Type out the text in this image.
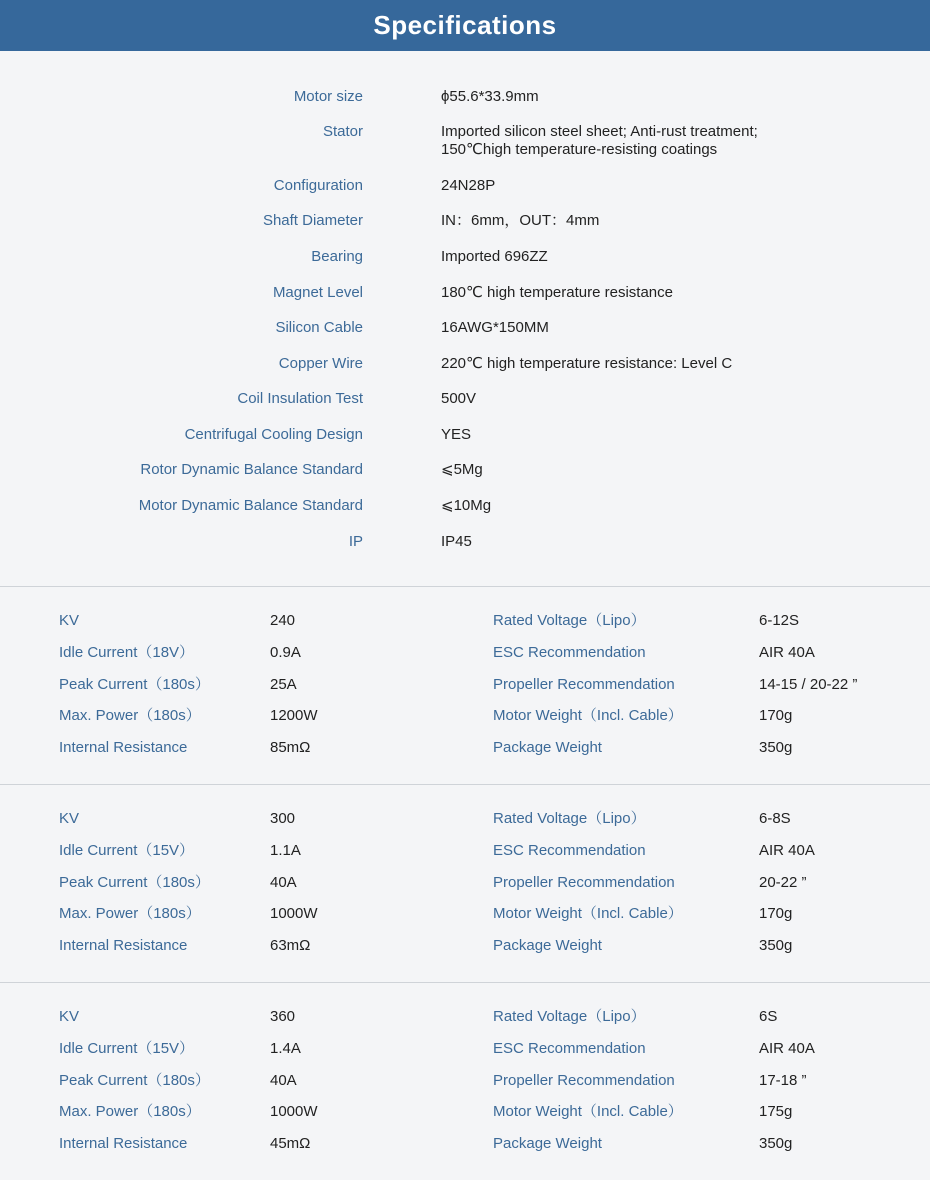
Specifications
Motor size	ϕ55.6*33.9mm
Stator	Imported silicon steel sheet; Anti-rust treatment;
150℃high temperature-resisting coatings
Configuration	24N28P
Shaft Diameter	IN：6mm，OUT：4mm
Bearing	Imported 696ZZ
Magnet Level	180℃ high temperature resistance
Silicon Cable	16AWG*150MM
Copper Wire	220℃ high temperature resistance: Level C
Coil Insulation Test	500V
Centrifugal Cooling Design	YES
Rotor Dynamic Balance Standard	⩽5Mg
Motor Dynamic Balance Standard	⩽10Mg
IP	IP45
KV	240	Rated Voltage（Lipo）	6-12S
Idle Current（18V）	0.9A	ESC Recommendation	AIR 40A
Peak Current（180s）	25A	Propeller Recommendation	14-15 / 20-22 ”
Max. Power（180s）	1200W	Motor Weight（Incl. Cable）	170g
Internal Resistance	85mΩ	Package Weight	350g
KV	300	Rated Voltage（Lipo）	6-8S
Idle Current（15V）	1.1A	ESC Recommendation	AIR 40A
Peak Current（180s）	40A	Propeller Recommendation	20-22 ”
Max. Power（180s）	1000W	Motor Weight（Incl. Cable）	170g
Internal Resistance	63mΩ	Package Weight	350g
KV	360	Rated Voltage（Lipo）	6S
Idle Current（15V）	1.4A	ESC Recommendation	AIR 40A
Peak Current（180s）	40A	Propeller Recommendation	17-18 ”
Max. Power（180s）	1000W	Motor Weight（Incl. Cable）	175g
Internal Resistance	45mΩ	Package Weight	350g
